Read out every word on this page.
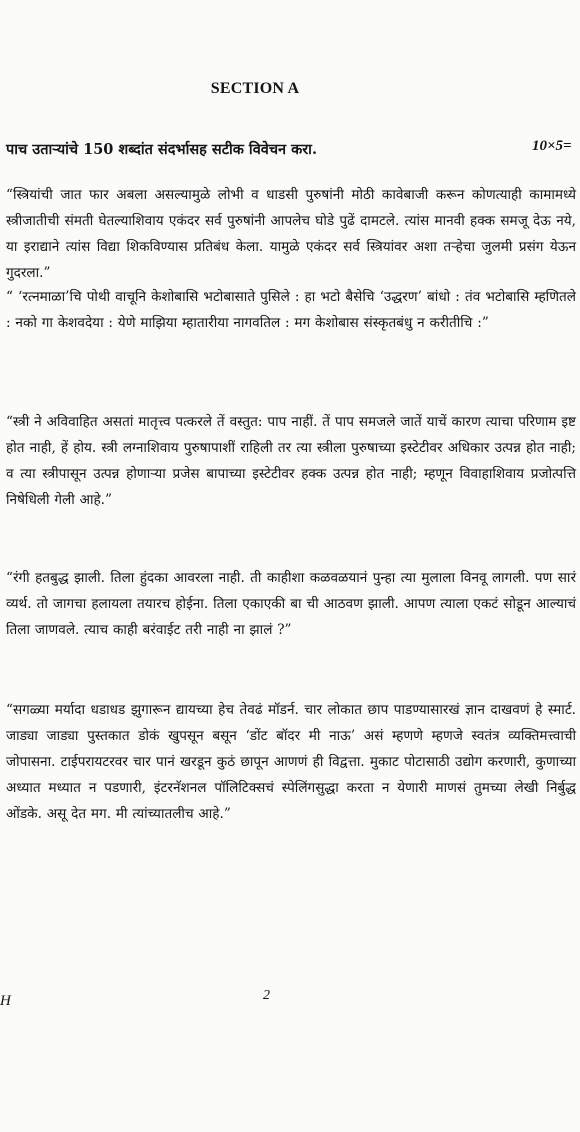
SECTION A
पाच उताऱ्यांचे 150 शब्दांत संदर्भासह सटीक विवेचन करा.	10×5=

“स्त्रियांची जात फार अबला असल्यामुळे लोभी व धाडसी पुरुषांनी मोठी कावेबाजी करून कोणत्याही कामामध्ये स्त्रीजातीची संमती घेतल्याशिवाय एकंदर सर्व पुरुषांनी आपलेच घोडे पुढें दामटले. त्यांस मानवी हक्क समजू देऊ नये, या इराद्याने त्यांस विद्या शिकविण्यास प्रतिबंध केला. यामुळे एकंदर सर्व स्त्रियांवर अशा तऱ्हेचा जुलमी प्रसंग येऊन गुदरला.”

“ ‘रत्नमाळा’चि पोथी वाचूनि केशोबासि भटोबासाते पुसिले : हा भटो बैसेचि ‘उद्धरण’ बांधो : तंव भटोबासि म्हणितले : नको गा केशवदेया : येणे माझिया म्हातारीया नागवतिल : मग केशोबास संस्कृतबंधु न करीतीचि :”

“स्त्री ने अविवाहित असतां मातृत्त्व पत्करले तें वस्तुत: पाप नाहीं. तें पाप समजले जातें याचें कारण त्याचा परिणाम इष्ट होत नाही, हें होय. स्त्री लग्नाशिवाय पुरुषापाशीं राहिली तर त्या स्त्रीला पुरुषाच्या इस्टेटीवर अधिकार उत्पन्न होत नाही; व त्या स्त्रीपासून उत्पन्न होणाऱ्या प्रजेस बापाच्या इस्टेटीवर हक्क उत्पन्न होत नाही; म्हणून विवाहाशिवाय प्रजोत्पत्ति निषेधिली गेली आहे.”

“रंगी हतबुद्ध झाली. तिला हुंदका आवरला नाही. ती काहीशा कळवळयानं पुन्हा त्या मुलाला विनवू लागली. पण सारं व्यर्थ. तो जागचा हलायला तयारच होईना. तिला एकाएकी बा ची आठवण झाली. आपण त्याला एकटं सोडून आल्याचं तिला जाणवले. त्याच काही बरंवाईट तरी नाही ना झालं ?”

“सगळ्या मर्यादा धडाधड झुगारून द्यायच्या हेच तेवढं मॉडर्न. चार लोकात छाप पाडण्यासारखं ज्ञान दाखवणं हे स्मार्ट. जाड्या जाड्या पुस्तकात डोकं खुपसून बसून ‘डोंट बॉदर मी नाऊ’ असं म्हणणे म्हणजे स्वतंत्र व्यक्तिमत्त्वाची जोपासना. टाईपरायटरवर चार पानं खरडून कुठं छापून आणणं ही विद्वत्ता. मुकाट पोटासाठी उद्योग करणारी, कुणाच्या अध्यात मध्यात न पडणारी, इंटरनॅशनल पॉलिटिक्सचं स्पेलिंगसुद्धा करता न येणारी माणसं तुमच्या लेखी निर्बुद्ध ओंडके. असू देत मग. मी त्यांच्यातलीच आहे.”

H	2
